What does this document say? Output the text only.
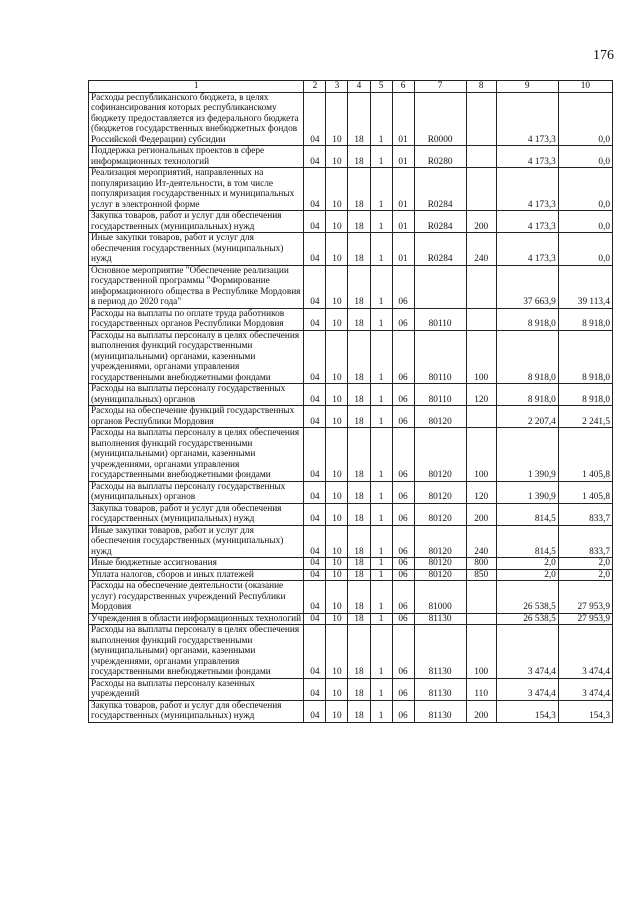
176
1	2	3	4	5	6	7	8	9	10
Расходы республиканского бюджета, в целях софинансирования которых республиканскому бюджету предоставляется из федерального бюджета (бюджетов государственных внебюджетных фондов Российской Федерации) субсидии	04	10	18	1	01	R0000		4 173,3	0,0
Поддержка региональных проектов в сфере информационных технологий	04	10	18	1	01	R0280		4 173,3	0,0
Реализация мероприятий, направленных на популяризацию Ит-деятельности, в том числе популяризация государственных и муниципальных услуг в электронной форме	04	10	18	1	01	R0284		4 173,3	0,0
Закупка товаров, работ и услуг для обеспечения государственных (муниципальных) нужд	04	10	18	1	01	R0284	200	4 173,3	0,0
Иные закупки товаров, работ и услуг для обеспечения государственных (муниципальных) нужд	04	10	18	1	01	R0284	240	4 173,3	0,0
Основное мероприятие "Обеспечение реализации государственной программы "Формирование информационного общества в Республике Мордовия в период до 2020 года"	04	10	18	1	06			37 663,9	39 113,4
Расходы на выплаты по оплате труда работников государственных органов Республики Мордовия	04	10	18	1	06	80110		8 918,0	8 918,0
Расходы на выплаты персоналу в целях обеспечения выполнения функций государственными (муниципальными) органами, казенными учреждениями, органами управления государственными внебюджетными фондами	04	10	18	1	06	80110	100	8 918,0	8 918,0
Расходы на выплаты персоналу государственных (муниципальных) органов	04	10	18	1	06	80110	120	8 918,0	8 918,0
Расходы на обеспечение функций государственных органов Республики Мордовия	04	10	18	1	06	80120		2 207,4	2 241,5
Расходы на выплаты персоналу в целях обеспечения выполнения функций государственными (муниципальными) органами, казенными учреждениями, органами управления государственными внебюджетными фондами	04	10	18	1	06	80120	100	1 390,9	1 405,8
Расходы на выплаты персоналу государственных (муниципальных) органов	04	10	18	1	06	80120	120	1 390,9	1 405,8
Закупка товаров, работ и услуг для обеспечения государственных (муниципальных) нужд	04	10	18	1	06	80120	200	814,5	833,7
Иные закупки товаров, работ и услуг для обеспечения государственных (муниципальных) нужд	04	10	18	1	06	80120	240	814,5	833,7
Иные бюджетные ассигнования	04	10	18	1	06	80120	800	2,0	2,0
Уплата налогов, сборов и иных платежей	04	10	18	1	06	80120	850	2,0	2,0
Расходы на обеспечение деятельности (оказание услуг) государственных учреждений Республики Мордовия	04	10	18	1	06	81000		26 538,5	27 953,9
Учреждения в области информационных технологий	04	10	18	1	06	81130		26 538,5	27 953,9
Расходы на выплаты персоналу в целях обеспечения выполнения функций государственными (муниципальными) органами, казенными учреждениями, органами управления государственными внебюджетными фондами	04	10	18	1	06	81130	100	3 474,4	3 474,4
Расходы на выплаты персоналу казенных учреждений	04	10	18	1	06	81130	110	3 474,4	3 474,4
Закупка товаров, работ и услуг для обеспечения государственных (муниципальных) нужд	04	10	18	1	06	81130	200	154,3	154,3
